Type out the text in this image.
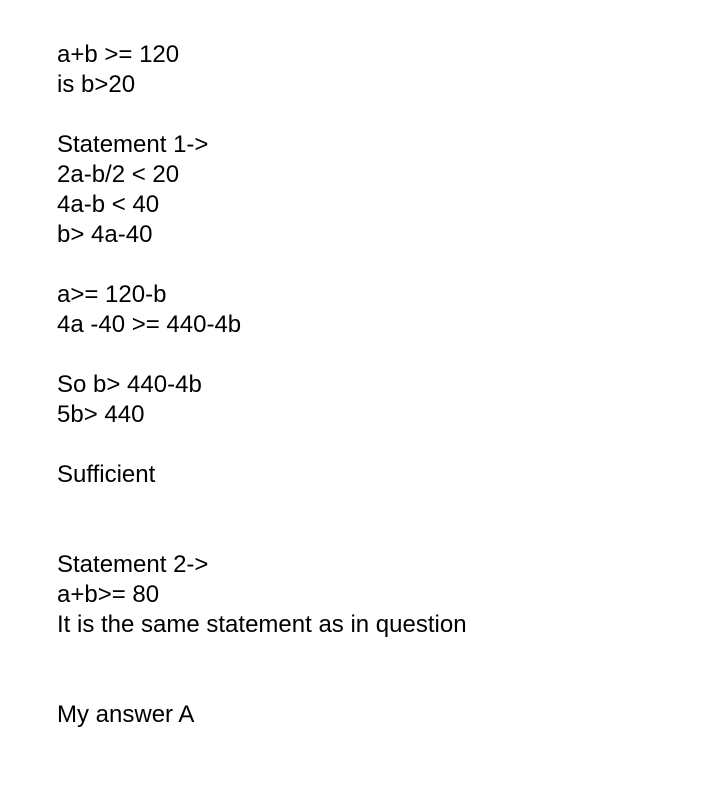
a+b >= 120
is b>20
Statement 1->
2a-b/2 < 20
4a-b < 40
b> 4a-40
a>= 120-b
4a -40 >= 440-4b
So b> 440-4b
5b> 440
Sufficient
Statement 2->
a+b>= 80
It is the same statement as in question
My answer A
